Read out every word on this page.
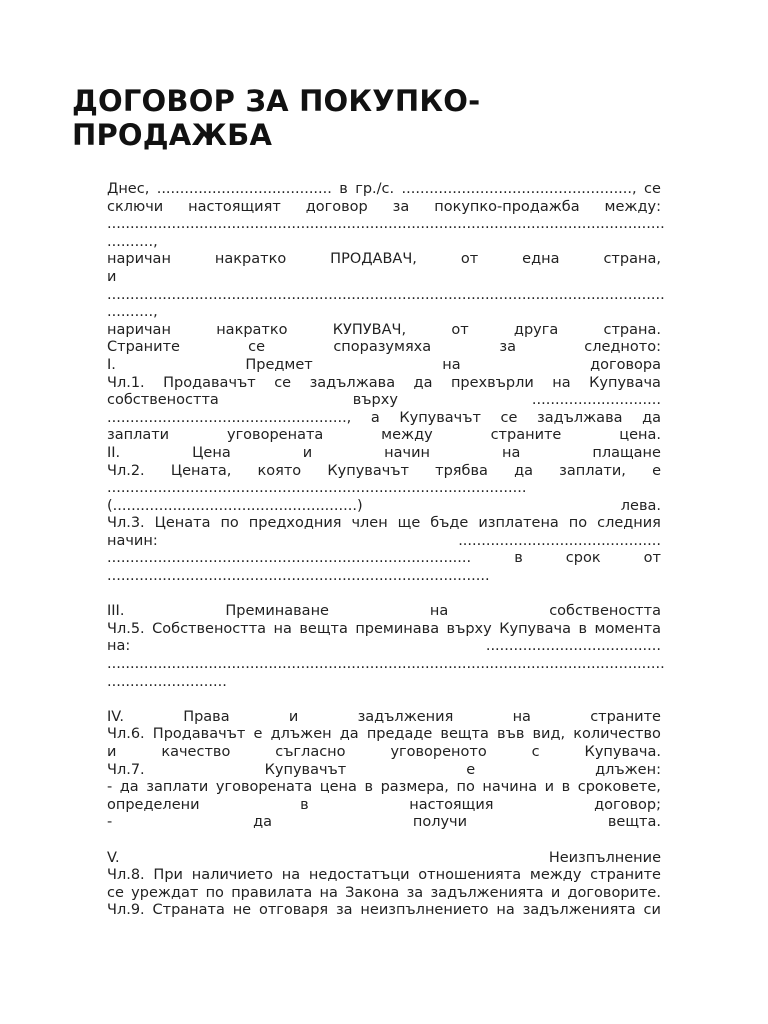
ДОГОВОР ЗА ПОКУПКО-
ПРОДАЖБА
Днес, ...................................... в гр./с. .................................................., се
сключи настоящият договор за покупко-продажба между:
.........................................................................................................................
..........,
наричан	накратко	ПРОДАВАЧ,	от	една	страна,
и
.........................................................................................................................
..........,
наричан	накратко	КУПУВАЧ,	от	друга	страна.
Страните	се	споразумяха	за	следното:
I.	Предмет	на	договора
Чл.1. Продавачът се задължава да прехвърли на Купувача
собствеността	върху	............................
...................................................., а Купувачът се задължава да
заплати	уговорената	между	страните	цена.
II.	Цена	и	начин	на	плащане
Чл.2. Цената, която Купувачът трябва да заплати, е
...........................................................................................
(.....................................................)	лева.
Чл.3. Цената по предходния член ще бъде изплатена по следния
начин:	............................................
...............................................................................	в	срок	от
...................................................................................
III.	Преминаване	на	собствеността
Чл.5. Собствеността на вещта преминава върху Купувача в момента
на:	......................................
.........................................................................................................................
..........................
IV.	Права	и	задължения	на	страните
Чл.6. Продавачът е длъжен да предаде вещта във вид, количество
и	качество	съгласно	уговореното	с	Купувача.
Чл.7.	Купувачът	е	длъжен:
- да заплати уговорената цена в размера, по начина и в сроковете,
определени	в	настоящия	договор;
-	да	получи	вещта.
V.	Неизпълнение
Чл.8. При наличието на недостатъци отношенията между страните
се уреждат по правилата на Закона за задълженията и договорите.
Чл.9. Страната не отговаря за неизпълнението на задълженията си
